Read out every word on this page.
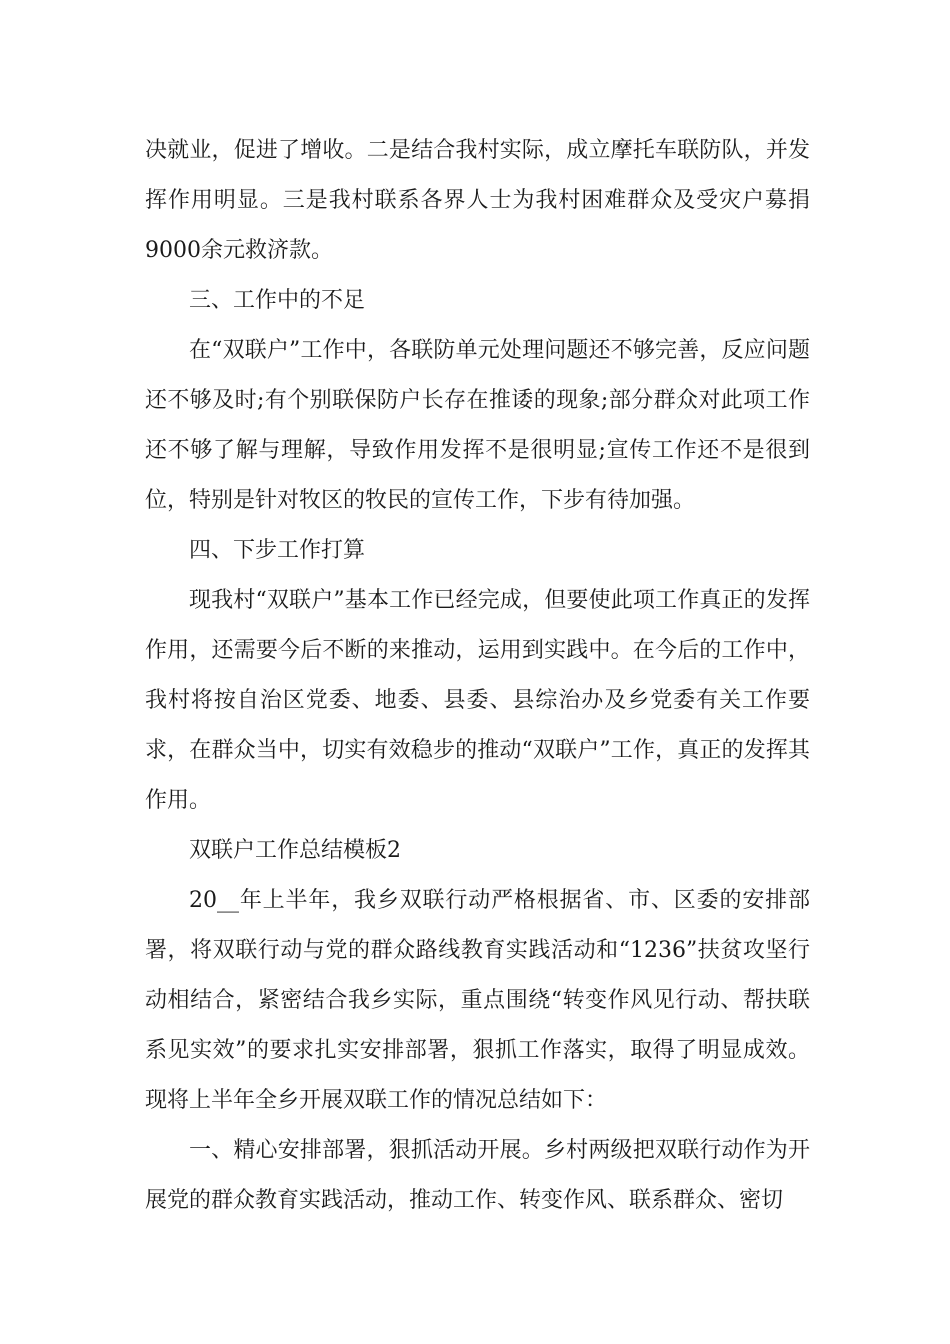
决就业，促进了增收。二是结合我村实际，成立摩托车联防队，并发挥作用明显。三是我村联系各界人士为我村困难群众及受灾户募捐9000余元救济款。

三、工作中的不足

在“双联户”工作中，各联防单元处理问题还不够完善，反应问题还不够及时;有个别联保防户长存在推诿的现象;部分群众对此项工作还不够了解与理解，导致作用发挥不是很明显;宣传工作还不是很到位，特别是针对牧区的牧民的宣传工作，下步有待加强。

四、下步工作打算

现我村“双联户”基本工作已经完成，但要使此项工作真正的发挥作用，还需要今后不断的来推动，运用到实践中。在今后的工作中，我村将按自治区党委、地委、县委、县综治办及乡党委有关工作要求，在群众当中，切实有效稳步的推动“双联户”工作，真正的发挥其作用。

双联户工作总结模板2

20__年上半年，我乡双联行动严格根据省、市、区委的安排部署，将双联行动与党的群众路线教育实践活动和“1236”扶贫攻坚行动相结合，紧密结合我乡实际，重点围绕“转变作风见行动、帮扶联系见实效”的要求扎实安排部署，狠抓工作落实，取得了明显成效。现将上半年全乡开展双联工作的情况总结如下：

一、精心安排部署，狠抓活动开展。乡村两级把双联行动作为开展党的群众教育实践活动，推动工作、转变作风、联系群众、密切
